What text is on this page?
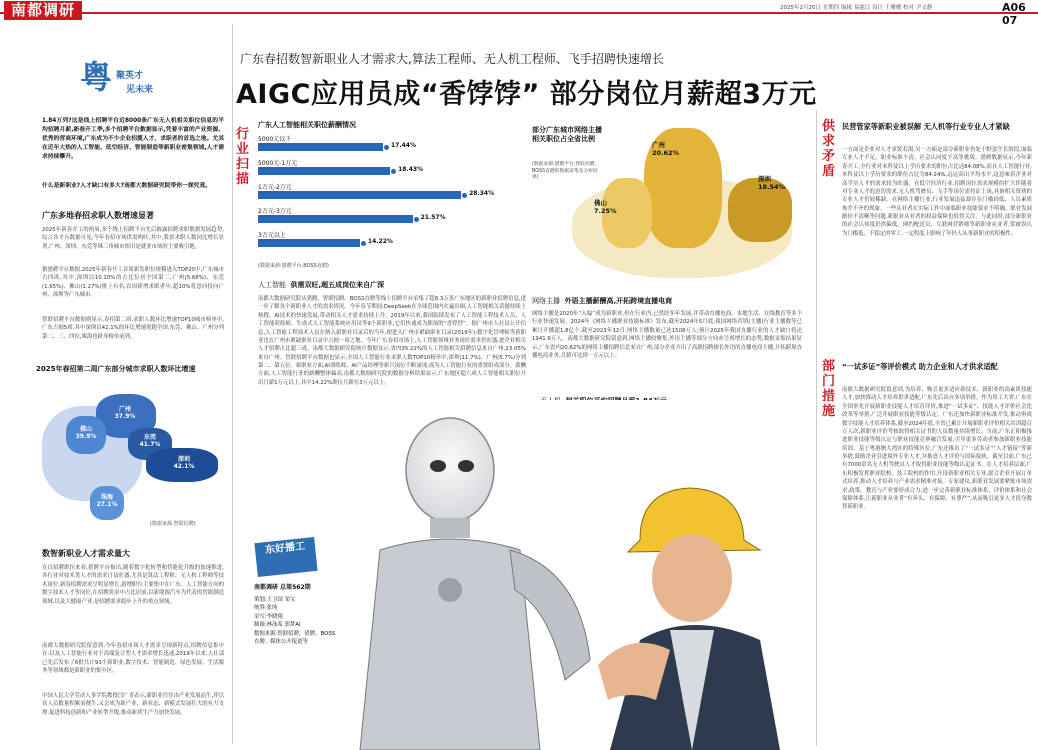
南都调研	2025年2月20日 星期四 编辑 易能江 设计 王珊珊 校对 尹文静	A06 07
粤 聚英才
见未来
1.84万列?这是线上招聘平台近8000条广东无人机相关职位信息的平均招聘月薪,新春开工季,多个招聘平台数据显示,凭着丰富的产业资源、优秀的营商环境,广东成为不少企业招揽人才、求职者的首选之地。尤其在近年大热的人工智能、低空经济、智能制造等新职业密集领域,人才需求持续攀升。
什么是新职业?人才缺口有多大?南都大数据研究院带你一探究竟。
广东多地春招求职人数增速显著
2025年新春开工的两周,多个线上招聘平台先后披露招聘求职数据发展趋势,综合各平台数据可见,今年春招市场供需两旺,其中,我省求职人数同比增长显著,广州、深圳、东莞等珠三角城市依旧是就业市场的主要吸引地。
据猎聘平台数据,2025年新春开工首周新发职位规模进入TOP20中,广东城市占四席,其中,深圳以10.10%的占比位居全国第二,广州(5.68%)、东莞(1.65%)、佛山(1.27%)排上有名,首周新增求职者中,超10%将意向投向广州、深圳等广东城市。
智联招聘平台数据则显示,春招第二周,求职人数环比增速TOP10城市榜单中,广东占据5席,其中深圳以42.1%的环比增速领跑全国,东莞、佛山、广州分列第二、三、四位,珠海也跻身榜单前列。
2025年春招第二周广东部分城市求职人数环比增速
广州
37.9%
佛山
39.9%	东莞
41.7%
深圳
42.1%
珠海
27.1%
(数据来源:智联招聘)
数智新职业人才需求量大
在以招聘职位来看,猎聘平台指出,随着数字化转型和智能化升级的加速推进,各行业对技术类人才的需求日益旺盛,尤其是算法工程师、无人机工程师等技术岗位,新春招聘需求呈明显增长,新增职位主要集中在广东。人工智能方向的数字技术人才等岗位,在招聘需求中占比居前,以新能源汽车为代表的智能制造领域,以及大健康产业,是招聘需求稳步上升的重点领域。
南都大数据研究院留意到,今年春招市场人才需求呈现新特点,招聘信息集中在:以及人工智能行业对于高端复合型人才需求增长迅速,2019年以来,人社部已先后发布了6批共计93个新职业,数字技术、智能制造、绿色发展、生活服务等领域都是新职业的集中区。
中国人民大学劳动人事学院教授闫广青表示,新职业往往由产业发展而生,伴以众人员数量积累而催生,又会成为新产业、新业态、新模式发展壮大的有力支撑,促进科技创新和产业转型升级,推动新质生产力加快发展。
广东春招数智新职业人才需求大,算法工程师、无人机工程师、飞手招聘快速增长
AIGC应用员成“香饽饽” 部分岗位月薪超3万元
行业扫描
供求矛盾
部门措施
广东人工智能相关职位薪酬情况
5000元以下
17.44%
5000元-1万元
18.43%
1万元-2万元
28.34%
2万元-3万元
21.57%
3万元以上
14.22%
(数据来源:猎聘平台,BOSS直聘)
部分广东城市网络主播相关职位占全省比例
(数据来源:猎聘平台,智联招聘、BOSS直聘的数据采集及分析结果)
广州
20.62%
深圳
18.54%
佛山
7.25%
人工智能 供需双旺,超五成岗位来自广深
南都大数据研究院从猎聘、智联招聘、BOSS直聘等线上招聘平台采集了超8.3万条广东地区的新职业招聘信息,进一步了解各个新职业人才的需求情况。今年春节期间,DeepSeek在全球范围内火遍出圈,人工智能相关话题持续上热搜。AI技术的快速发展,带动相关人才需求持续上升。2019年以来,我国陆续发布了人工智能工程技术人员、人工智能训练师、生成式人工智能系统应用员等9个新职业,它们快速成为职场的“香饽饽”。据广州市人社局公开信息,人工智能工程技术人员在纳入新职业目录后的当年,便进入广州市紧缺职业目录(2019年);数字化管理师等新职业也在广州市紧缺职业目录中占据一席之地。今年广东春招市场上,人工智能领域业务岗位需求仍旺盛,进企业相关人才招聘占比超三成。南都大数据研究院统计数据显示,省内35.22%的人工智能相关招聘信息来自广州,23.05%来自广州。智联招聘平台数据也显示,全国人工智能行业求职人数TOP10榜单中,深圳(11.7%)、广州(5.7%)分列第二、第五位。新职业方面,AI训练师、AI产品经理等新兴岗位不断涌现,成为人工智能行业的重要组成部分。薪酬方面,人工智能行业的薪酬整体偏高,南都大数据研究院的数据分析结果显示,广东地区超六成人工智能相关职位开出月薪1万元以上,其中14.22%职位月薪在3万元以上。
网络主播 外语主播薪酬高,开拓跨境直播电商
网络主播是2020年“入编”成为新职业,但在行业内,已然经多年发展,并带动直播电商、本地生活、在线教育等多个行业快速发展。2024年《网络主播职业技能标准》发布,截至2024年5月底,我国网络营销(主播)行业主播数等已累计开播超1.8亿个,截至2023年12月,网络主播数量已达1508万人;预计2025年我国直播行业的人才缺口将达1941.6万人。南都大数据研究院留意到,网络主播较聚集,外语主播等细分方向亦呈现增长的态势,数据采集结果显示,广东省内20.62%的网络主播招聘信息来自广州,部分企业开出了高薪招聘擅长外语的直播电商主播,开拓跨境直播电商业务,月薪可达到一万元以上。

东好播工
南都调研 总第562期
策划:王卫国 邹宝
统筹:张纯
采写:李晓翔
制图:林泳希 郭梦AI
数据来源:智联招聘、猎聘、BOSS直聘、媒体公开报道等
民营管家等新职业被误解 无人机等行业专业人才紧缺
一方面是企业对人才求贤若渴,另一方面是部分新职业仍处于野蛮生长阶段,面临专业人才不足、职业标准不清、社会认同度不高等挑战。猎聘数据显示,今年新春开工,全行业对本科及以上学历要求的职位占比达84.08%,而在人工智能行业,本科及以上学历要求的职位占比为84.24%,远远高出平均水平,这意味着企业对高学历人才的需求较为旺盛。在低空经济行业,招聘岗位需求规模的扩大伴随着对专业人才的迫切需求,无人机驾驶员、飞手等岗位需持证上岗,具备相关资质的专业人才仍较稀缺。在网络主播行业,行业发展迅猛却存在门槛较低、人员素质参差不齐的现象。一些从业者在实际工作中面临职业技能要求不明确、职业发展路径不清晰等问题,新职业从业者的权益保障也值得关注。与此同时,部分新职业的社会认知度仍然偏低。网约配送员、互联网营销师等新职业从业者,常被误认为门槛低、不稳定的零工,一定程度上影响了年轻人从事新职业的积极性。
“一试多证”等评价模式 助力企业和人才供求适配
南都大数据研究院留意到,为培养、吸引更多适应新技术、新职业的高素质技能人才,加快推动人才培养供求适配,广东先后出台多项举措。作为用工大省,广东在全国率先开展新职业技能人才培育评价,推进“一试多证”、技能人才评价社会化改革等举措,广泛开展职业技能等级认定。广东还加快新职业标准开发,推动形成数字技能人才培养体系,截至2024年底,全省已累计开展新职业评价相关培训超百万人次,新职业评价考核取得相关证书的人员数量持续增长。当前,广东正积极推进职业技能等级认定与职业技能竞赛融合发展,引导更多劳动者参加新职业技能培训。基于粤港澳大湾区的特殊区位,广东还推出了“一试多证”“人才链接”等新举措,鼓励企业引进境外专业人才,并推进人才评价与国际接轨。截至目前,广东已有7000余名无人机驾驶员人才取得职业技能等级认定证书。在人才培养层面,广东积极发挥职业院校、技工院校的作用,开设新职业相关专业,联合企业开展订单式培养,推动人才培养与产业需求精准对接。专家建议,新职业发展要紧贴市场需求,政策、教育与产业要形成合力,进一步完善新职业标准体系、评价体系和社会保障体系,让新职业从业者“有奔头、有保障、有尊严”,从而吸引更多人才投身数智新职业。
